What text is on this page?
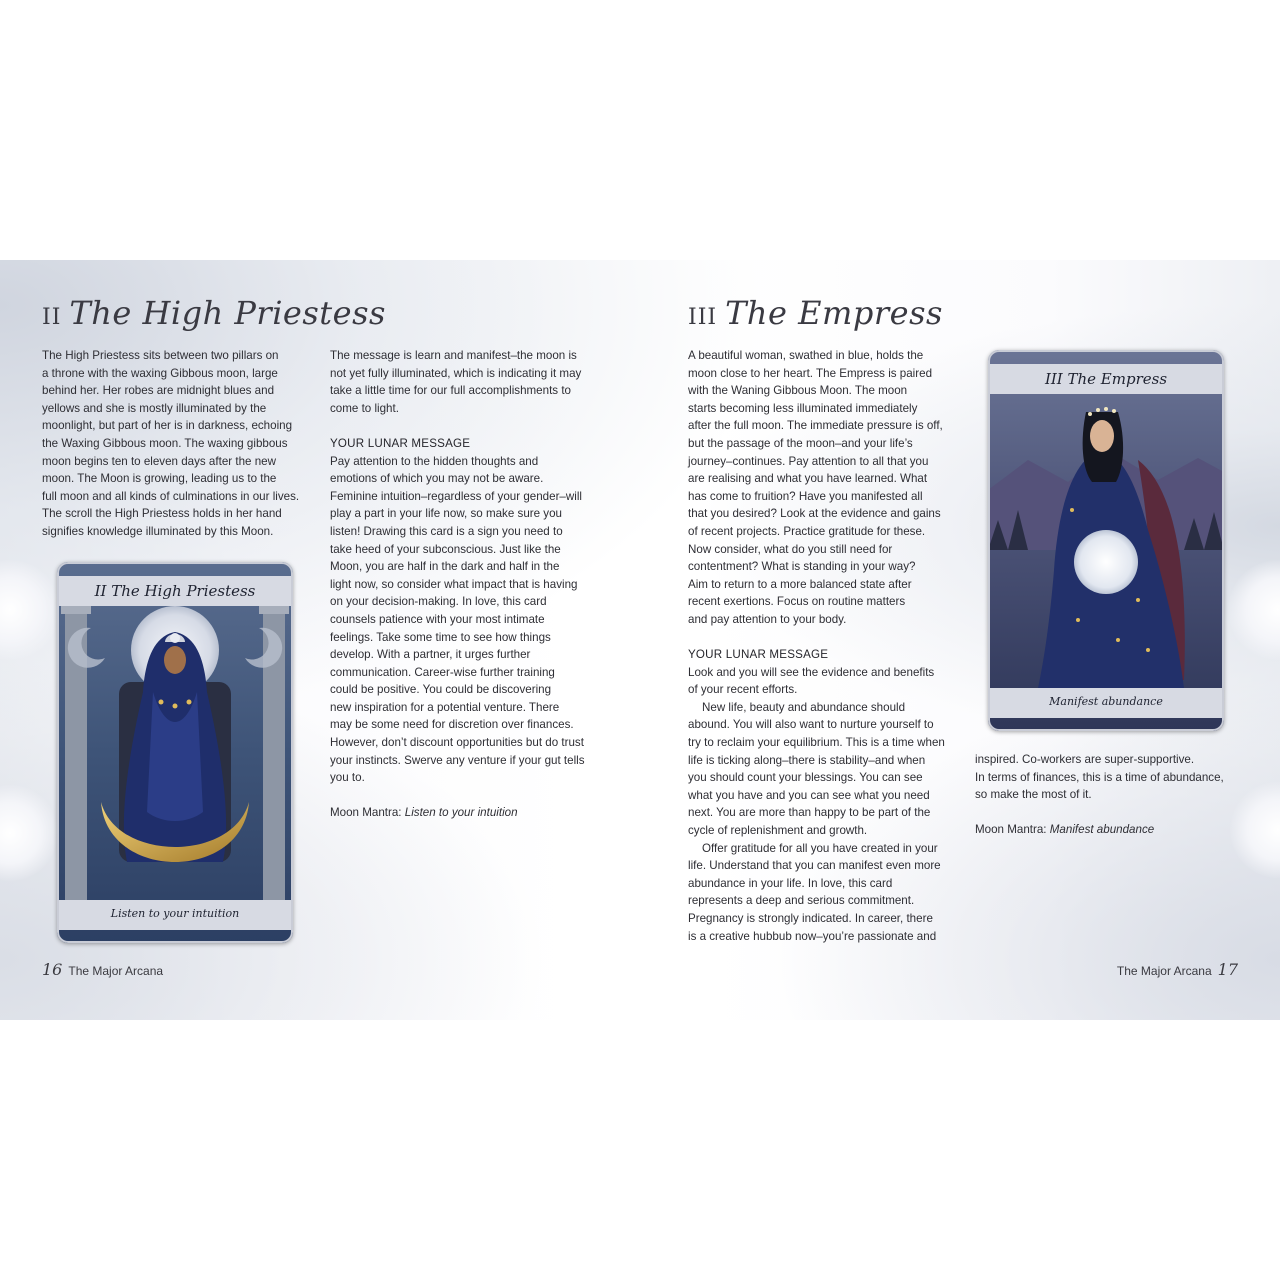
II The High Priestess
The High Priestess sits between two pillars on
a throne with the waxing Gibbous moon, large
behind her. Her robes are midnight blues and
yellows and she is mostly illuminated by the
moonlight, but part of her is in darkness, echoing
the Waxing Gibbous moon. The waxing gibbous
moon begins ten to eleven days after the new
moon. The Moon is growing, leading us to the
full moon and all kinds of culminations in our lives.
The scroll the High Priestess holds in her hand
signifies knowledge illuminated by this Moon.
The message is learn and manifest–the moon is
not yet fully illuminated, which is indicating it may
take a little time for our full accomplishments to
come to light.

YOUR LUNAR MESSAGE

Pay attention to the hidden thoughts and
emotions of which you may not be aware.
Feminine intuition–regardless of your gender–will
play a part in your life now, so make sure you
listen! Drawing this card is a sign you need to
take heed of your subconscious. Just like the
Moon, you are half in the dark and half in the
light now, so consider what impact that is having
on your decision-making. In love, this card
counsels patience with your most intimate
feelings. Take some time to see how things
develop. With a partner, it urges further
communication. Career-wise further training
could be positive. You could be discovering
new inspiration for a potential venture. There
may be some need for discretion over finances.
However, don’t discount opportunities but do trust
your instincts. Swerve any venture if your gut tells
you to.

Moon Mantra: Listen to your intuition

II The High Priestess
Listen to your intuition
16 The Major Arcana
III The Empress
A beautiful woman, swathed in blue, holds the
moon close to her heart. The Empress is paired
with the Waning Gibbous Moon. The moon
starts becoming less illuminated immediately
after the full moon. The immediate pressure is off,
but the passage of the moon–and your life’s
journey–continues. Pay attention to all that you
are realising and what you have learned. What
has come to fruition? Have you manifested all
that you desired? Look at the evidence and gains
of recent projects. Practice gratitude for these.
Now consider, what do you still need for
contentment? What is standing in your way?
Aim to return to a more balanced state after
recent exertions. Focus on routine matters
and pay attention to your body.

YOUR LUNAR MESSAGE

Look and you will see the evidence and benefits
of your recent efforts.
New life, beauty and abundance should
abound. You will also want to nurture yourself to
try to reclaim your equilibrium. This is a time when
life is ticking along–there is stability–and when
you should count your blessings. You can see
what you have and you can see what you need
next. You are more than happy to be part of the
cycle of replenishment and growth.
Offer gratitude for all you have created in your
life. Understand that you can manifest even more
abundance in your life. In love, this card
represents a deep and serious commitment.
Pregnancy is strongly indicated. In career, there
is a creative hubbub now–you’re passionate and
III The Empress
Manifest abundance
inspired. Co-workers are super-supportive.
In terms of finances, this is a time of abundance,
so make the most of it.

Moon Mantra: Manifest abundance

The Major Arcana 17
